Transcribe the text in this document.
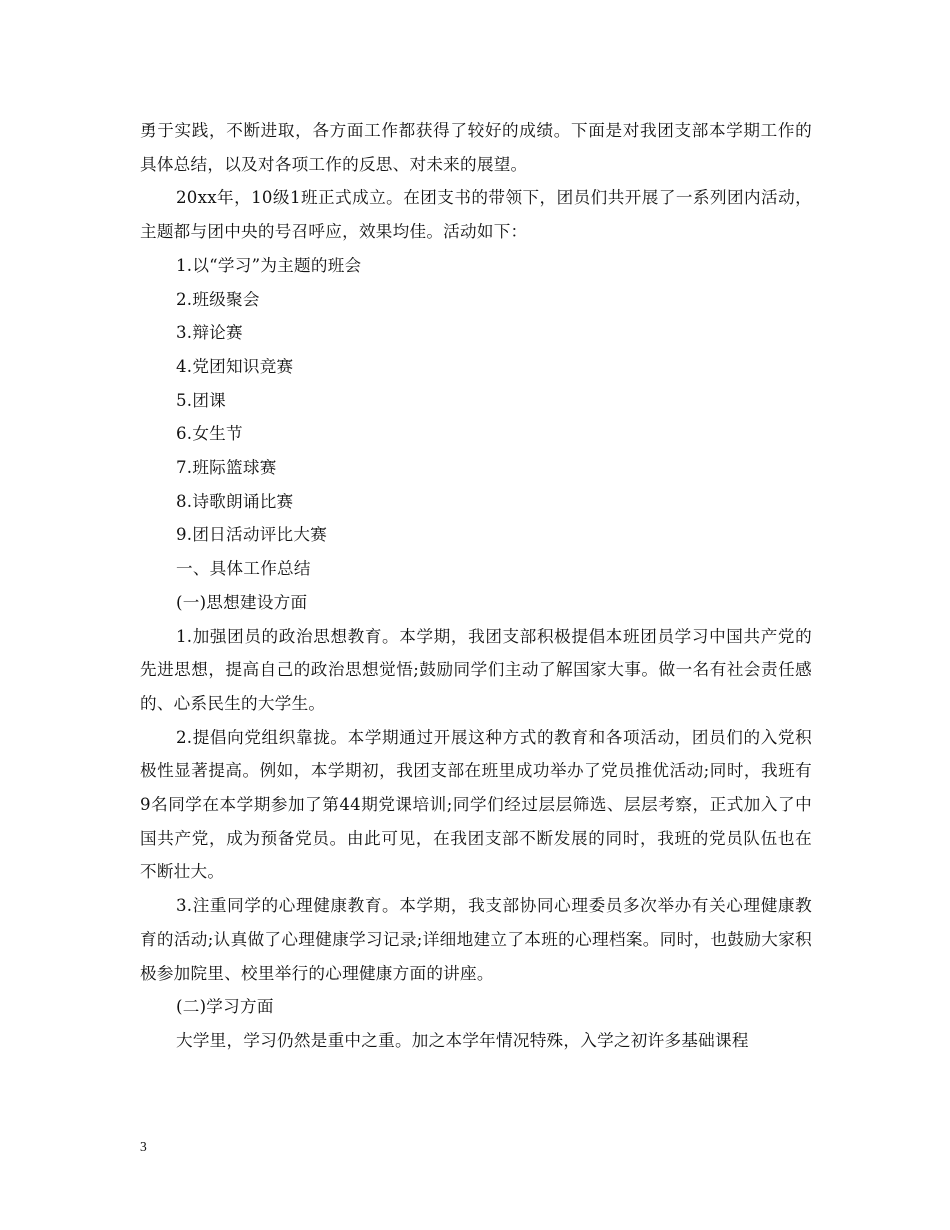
勇于实践，不断进取，各方面工作都获得了较好的成绩。下面是对我团支部本学期工作的具体总结，以及对各项工作的反思、对未来的展望。

20xx年，10级1班正式成立。在团支书的带领下，团员们共开展了一系列团内活动，主题都与团中央的号召呼应，效果均佳。活动如下：

1.以“学习”为主题的班会

2.班级聚会

3.辩论赛

4.党团知识竞赛

5.团课

6.女生节

7.班际篮球赛

8.诗歌朗诵比赛

9.团日活动评比大赛

一、具体工作总结

(一)思想建设方面

1.加强团员的政治思想教育。本学期，我团支部积极提倡本班团员学习中国共产党的先进思想，提高自己的政治思想觉悟;鼓励同学们主动了解国家大事。做一名有社会责任感的、心系民生的大学生。

2.提倡向党组织靠拢。本学期通过开展这种方式的教育和各项活动，团员们的入党积极性显著提高。例如，本学期初，我团支部在班里成功举办了党员推优活动;同时，我班有9名同学在本学期参加了第44期党课培训;同学们经过层层筛选、层层考察，正式加入了中国共产党，成为预备党员。由此可见，在我团支部不断发展的同时，我班的党员队伍也在不断壮大。

3.注重同学的心理健康教育。本学期，我支部协同心理委员多次举办有关心理健康教育的活动;认真做了心理健康学习记录;详细地建立了本班的心理档案。同时，也鼓励大家积极参加院里、校里举行的心理健康方面的讲座。

(二)学习方面

大学里，学习仍然是重中之重。加之本学年情况特殊，入学之初许多基础课程

3
